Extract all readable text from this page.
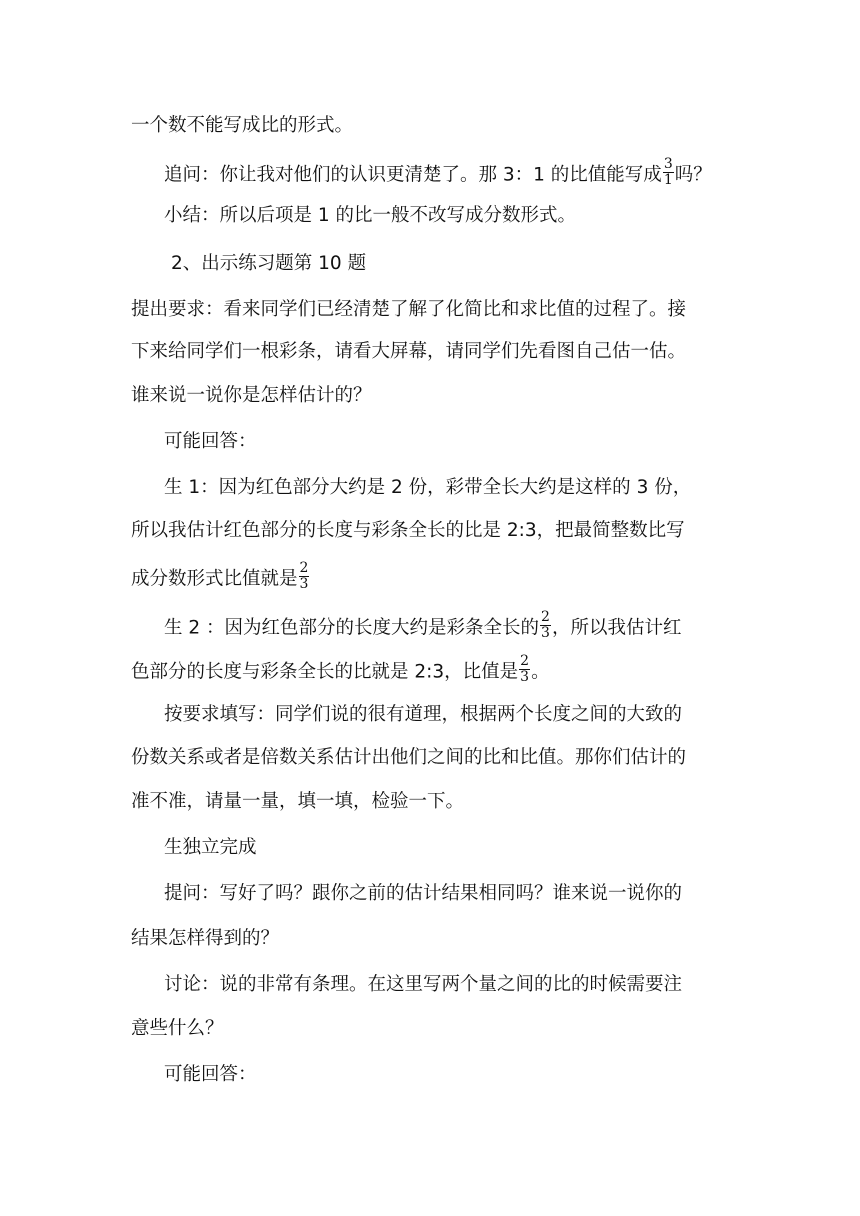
一个数不能写成比的形式。
追问：你让我对他们的认识更清楚了。那 3：1 的比值能写成 $\frac{3}{1}$ 吗？
小结：所以后项是 1 的比一般不改写成分数形式。
2、出示练习题第 10 题
提出要求：看来同学们已经清楚了解了化简比和求比值的过程了。接
下来给同学们一根彩条，请看大屏幕，请同学们先看图自己估一估。
谁来说一说你是怎样估计的？
可能回答：
生 1：因为红色部分大约是 2 份，彩带全长大约是这样的 3 份，
所以我估计红色部分的长度与彩条全长的比是 2:3，把最简整数比写
成分数形式比值就是 $\frac{2}{3}$
生 2 ：因为红色部分的长度大约是彩条全长的 $\frac{2}{3}$ ，所以我估计红
色部分的长度与彩条全长的比就是 2:3，比值是 $\frac{2}{3}$ 。
按要求填写：同学们说的很有道理，根据两个长度之间的大致的
份数关系或者是倍数关系估计出他们之间的比和比值。那你们估计的
准不准，请量一量，填一填，检验一下。
生独立完成
提问：写好了吗？跟你之前的估计结果相同吗？谁来说一说你的
结果怎样得到的？
讨论：说的非常有条理。在这里写两个量之间的比的时候需要注
意些什么？
可能回答：
